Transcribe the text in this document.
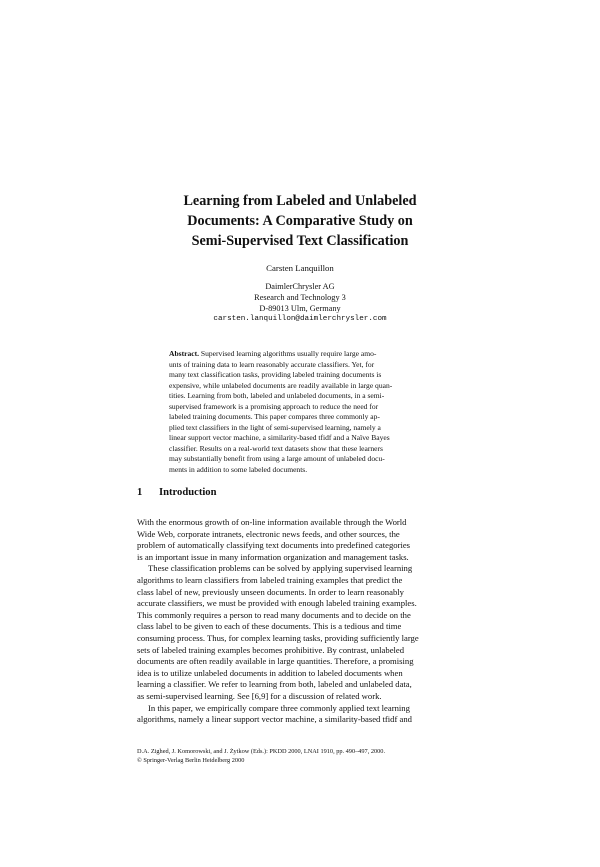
Learning from Labeled and Unlabeled
Documents: A Comparative Study on
Semi-Supervised Text Classification
Carsten Lanquillon
DaimlerChrysler AG
Research and Technology 3
D-89013 Ulm, Germany
carsten.lanquillon@daimlerchrysler.com
Abstract. Supervised learning algorithms usually require large amo-
unts of training data to learn reasonably accurate classifiers. Yet, for
many text classification tasks, providing labeled training documents is
expensive, while unlabeled documents are readily available in large quan-
tities. Learning from both, labeled and unlabeled documents, in a semi-
supervised framework is a promising approach to reduce the need for
labeled training documents. This paper compares three commonly ap-
plied text classifiers in the light of semi-supervised learning, namely a
linear support vector machine, a similarity-based tfidf and a Naïve Bayes
classifier. Results on a real-world text datasets show that these learners
may substantially benefit from using a large amount of unlabeled docu-
ments in addition to some labeled documents.
1 Introduction
With the enormous growth of on-line information available through the World
Wide Web, corporate intranets, electronic news feeds, and other sources, the
problem of automatically classifying text documents into predefined categories
is an important issue in many information organization and management tasks.
These classification problems can be solved by applying supervised learning
algorithms to learn classifiers from labeled training examples that predict the
class label of new, previously unseen documents. In order to learn reasonably
accurate classifiers, we must be provided with enough labeled training examples.
This commonly requires a person to read many documents and to decide on the
class label to be given to each of these documents. This is a tedious and time
consuming process. Thus, for complex learning tasks, providing sufficiently large
sets of labeled training examples becomes prohibitive. By contrast, unlabeled
documents are often readily available in large quantities. Therefore, a promising
idea is to utilize unlabeled documents in addition to labeled documents when
learning a classifier. We refer to learning from both, labeled and unlabeled data,
as semi-supervised learning. See [6,9] for a discussion of related work.
In this paper, we empirically compare three commonly applied text learning
algorithms, namely a linear support vector machine, a similarity-based tfidf and
D.A. Zighed, J. Komorowski, and J. Żytkow (Eds.): PKDD 2000, LNAI 1910, pp. 490–497, 2000.
© Springer-Verlag Berlin Heidelberg 2000
